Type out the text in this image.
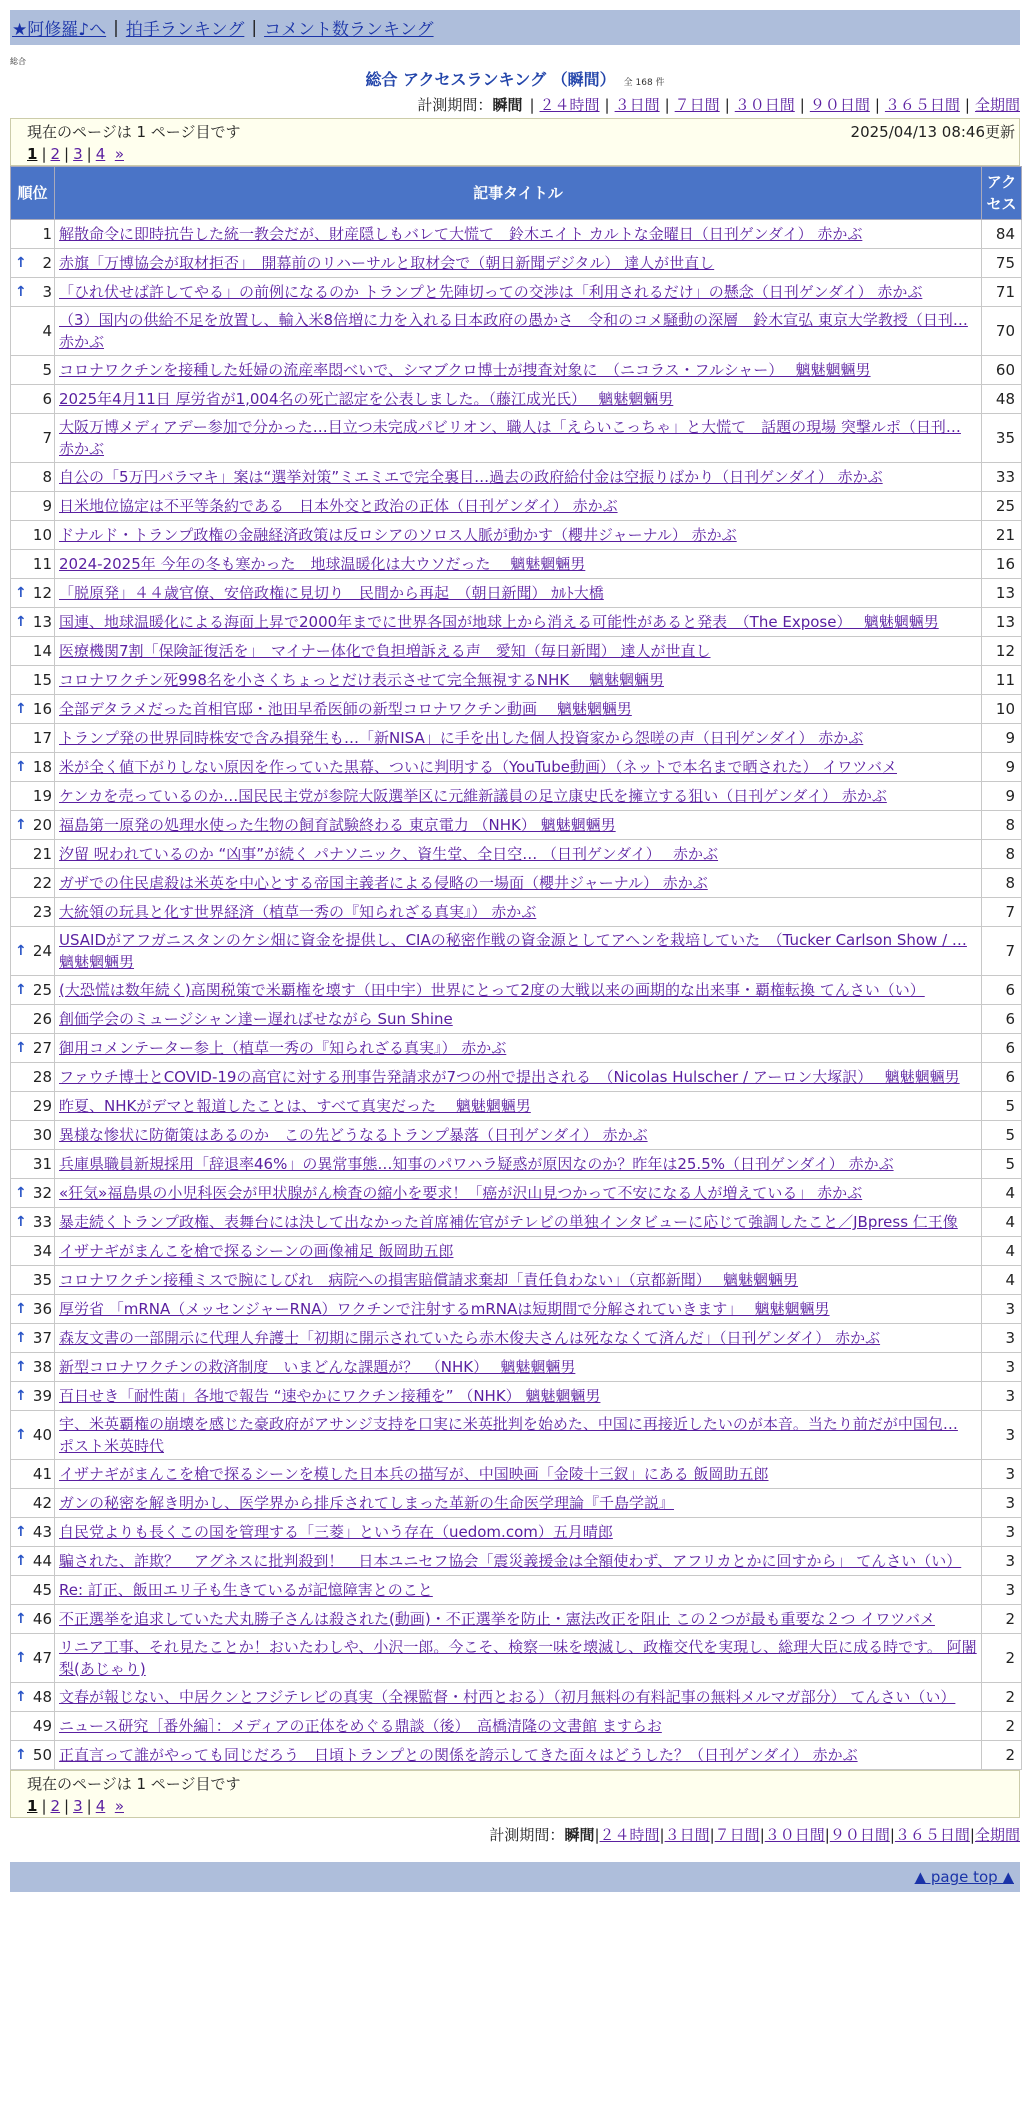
★阿修羅♪へ | 拍手ランキング | コメント数ランキング
総合
総合 アクセスランキング （瞬間） 全 168 件
計測期間：瞬間 | ２４時間 | ３日間 | ７日間 | ３０日間 | ９０日間 | ３６５日間 | 全期間
現在のページは 1 ページ目です	2025/04/13 08:46更新
1 | 2 | 3 | 4 »
順位	記事タイトル	アクセス
1	解散命令に即時抗告した統一教会だが、財産隠しもバレて大慌て　鈴木エイト カルトな金曜日（日刊ゲンダイ） 赤かぶ	84

↑ 2	赤旗「万博協会が取材拒否」　開幕前のリハーサルと取材会で（朝日新聞デジタル） 達人が世直し	75

↑ 3	「ひれ伏せば許してやる」の前例になるのか トランプと先陣切っての交渉は「利用されるだけ」の懸念（日刊ゲンダイ） 赤かぶ	71
4	（3）国内の供給不足を放置し、輸入米8倍増に力を入れる日本政府の愚かさ　令和のコメ騒動の深層　鈴木宣弘 東京大学教授（日刊… 赤かぶ	70
5	コロナワクチンを接種した妊婦の流産率悶べいで、シマブクロ博士が捜査対象に　（ニコラス・フルシャー）　 魑魅魍魎男	60
6	2025年4月11日 厚労省が1,004名の死亡認定を公表しました。（藤江成光氏）　 魑魅魍魎男	48
7	大阪万博メディアデー参加で分かった…目立つ未完成パビリオン、職人は「えらいこっちゃ」と大慌て　話題の現場 突撃ルポ（日刊… 赤かぶ	35
8	自公の「5万円バラマキ」案は“選挙対策”ミエミエで完全裏目…過去の政府給付金は空振りばかり（日刊ゲンダイ） 赤かぶ	33
9	日米地位協定は不平等条約である　日本外交と政治の正体（日刊ゲンダイ） 赤かぶ	25
10	ドナルド・トランプ政権の金融経済政策は反ロシアのソロス人脈が動かす（櫻井ジャーナル） 赤かぶ	21
11	2024-2025年 今年の冬も寒かった　地球温暖化は大ウソだった　 魑魅魍魎男	16

↑ 12	「脱原発」４４歳官僚、安倍政権に見切り　民間から再起　（朝日新聞） ｶﾙﾄ大橋	13

↑ 13	国連、地球温暖化による海面上昇で2000年までに世界各国が地球上から消える可能性があると発表　（The Expose）　 魑魅魍魎男	13
14	医療機関7割「保険証復活を」　マイナー体化で負担増訴える声　愛知（毎日新聞） 達人が世直し	12
15	コロナワクチン死998名を小さくちょっとだけ表示させて完全無視するNHK　 魑魅魍魎男	11

↑ 16	全部デタラメだった首相官邸・池田早希医師の新型コロナワクチン動画　 魑魅魍魎男	10
17	トランプ発の世界同時株安で含み損発生も…「新NISA」に手を出した個人投資家から怨嗟の声（日刊ゲンダイ） 赤かぶ	9

↑ 18	米が全く値下がりしない原因を作っていた黒幕、ついに判明する（YouTube動画）（ネットで本名まで晒された） イワツバメ	9
19	ケンカを売っているのか…国民民主党が参院大阪選挙区に元維新議員の足立康史氏を擁立する狙い（日刊ゲンダイ） 赤かぶ	9

↑ 20	福島第一原発の処理水使った生物の飼育試験終わる 東京電力 （NHK） 魑魅魍魎男	8
21	汐留 呪われているのか “凶事”が続く パナソニック、資生堂、全日空… （日刊ゲンダイ）　 赤かぶ	8
22	ガザでの住民虐殺は米英を中心とする帝国主義者による侵略の一場面（櫻井ジャーナル） 赤かぶ	8
23	大統領の玩具と化す世界経済（植草一秀の『知られざる真実』） 赤かぶ	7

↑ 24	USAIDがアフガニスタンのケシ畑に資金を提供し、CIAの秘密作戦の資金源としてアヘンを栽培していた　（Tucker Carlson Show / … 魑魅魍魎男	7

↑ 25	(大恐慌は数年続く)高関税策で米覇権を壊す（田中宇）世界にとって2度の大戦以来の画期的な出来事・覇権転換 てんさい（い）	6
26	創価学会のミュージシャン達ー遅ればせながら Sun Shine	6

↑ 27	御用コメンテーター参上（植草一秀の『知られざる真実』） 赤かぶ	6
28	ファウチ博士とCOVID-19の高官に対する刑事告発請求が7つの州で提出される　（Nicolas Hulscher / アーロン大塚訳）　 魑魅魍魎男	6
29	昨夏、NHKがデマと報道したことは、すべて真実だった　 魑魅魍魎男	5
30	異様な惨状に防衛策はあるのか　この先どうなるトランプ暴落（日刊ゲンダイ） 赤かぶ	5
31	兵庫県職員新規採用「辞退率46%」の異常事態…知事のパワハラ疑惑が原因なのか？昨年は25.5%（日刊ゲンダイ） 赤かぶ	5

↑ 32	«狂気»福島県の小児科医会が甲状腺がん検査の縮小を要求！「癌が沢山見つかって不安になる人が増えている」 赤かぶ	4

↑ 33	暴走続くトランプ政権、表舞台には決して出なかった首席補佐官がテレビの単独インタビューに応じて強調したこと／JBpress 仁王像	4
34	イザナギがまんこを槍で探るシーンの画像補足 飯岡助五郎	4
35	コロナワクチン接種ミスで腕にしびれ　病院への損害賠償請求棄却「責任負わない」（京都新聞）　 魑魅魍魎男	4

↑ 36	厚労省 「mRNA（メッセンジャーRNA）ワクチンで注射するmRNAは短期間で分解されていきます」　 魑魅魍魎男	3

↑ 37	森友文書の一部開示に代理人弁護士「初期に開示されていたら赤木俊夫さんは死ななくて済んだ」（日刊ゲンダイ） 赤かぶ	3

↑ 38	新型コロナワクチンの救済制度　いまどんな課題が？　（NHK）　 魑魅魍魎男	3

↑ 39	百日せき「耐性菌」各地で報告 “速やかにワクチン接種を” （NHK） 魑魅魍魎男	3

↑ 40	宇、米英覇権の崩壊を感じた豪政府がアサンジ支持を口実に米英批判を始めた、中国に再接近したいのが本音。当たり前だが中国包… ポスト米英時代	3
41	イザナギがまんこを槍で探るシーンを模した日本兵の描写が、中国映画「金陵十三釵」にある 飯岡助五郎	3
42	ガンの秘密を解き明かし、医学界から排斥されてしまった革新の生命医学理論『千島学説』	3

↑ 43	自民党よりも長くこの国を管理する「三菱」という存在（uedom.com）五月晴郎	3

↑ 44	騙された、詐欺？　アグネスに批判殺到！　日本ユニセフ協会「震災義援金は全額使わず、アフリカとかに回すから」 てんさい（い）	3
45	Re: 訂正、飯田エリ子も生きているが記憶障害とのこと	3

↑ 46	不正選挙を追求していた犬丸勝子さんは殺された(動画)・不正選挙を防止・憲法改正を阻止 この２つが最も重要な２つ イワツバメ	2

↑ 47	リニア工事、それ見たことか！おいたわしや、小沢一郎。今こそ、検察一味を壊滅し、政権交代を実現し、総理大臣に成る時です。 阿闍梨(あじゃり)	2

↑ 48	文春が報じない、中居クンとフジテレビの真実（全裸監督・村西とおる）（初月無料の有料記事の無料メルマガ部分） てんさい（い）	2
49	ニュース研究［番外編］：メディアの正体をめぐる鼎談（後）　高橋清隆の文書館 ますらお	2

↑ 50	正直言って誰がやっても同じだろう　日頃トランプとの関係を誇示してきた面々はどうした？（日刊ゲンダイ） 赤かぶ	2
現在のページは 1 ページ目です
1 | 2 | 3 | 4 »
計測期間：瞬間|２４時間|３日間|７日間|３０日間|９０日間|３６５日間|全期間
▲ page top ▲
